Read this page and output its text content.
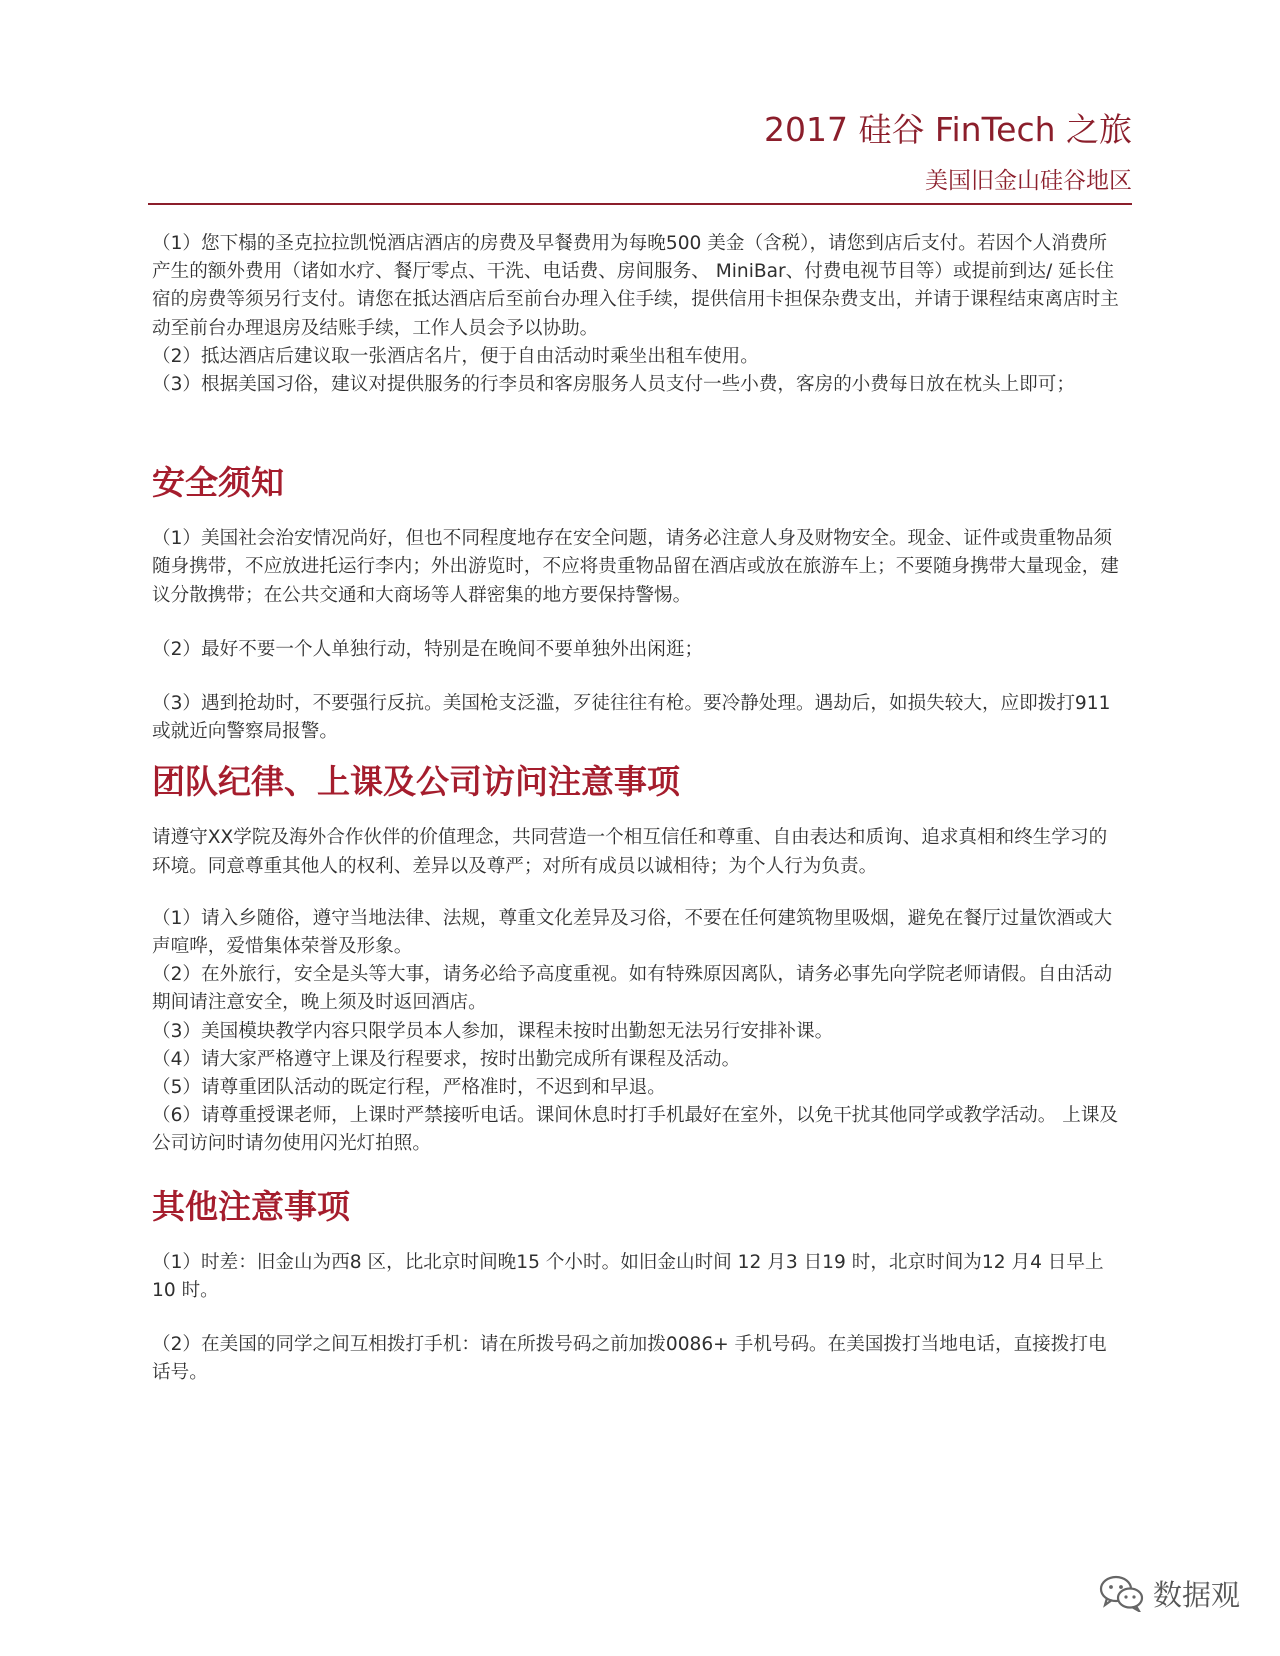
2017 硅谷 FinTech 之旅
美国旧金山硅谷地区

（1）您下榻的圣克拉拉凯悦酒店酒店的房费及早餐费用为每晚500 美金（含税），请您到店后支付。若因个人消费所产生的额外费用（诸如水疗、餐厅零点、干洗、电话费、房间服务、 MiniBar、付费电视节目等）或提前到达/ 延长住宿的房费等须另行支付。请您在抵达酒店后至前台办理入住手续，提供信用卡担保杂费支出，并请于课程结束离店时主动至前台办理退房及结账手续，工作人员会予以协助。

（2）抵达酒店后建议取一张酒店名片，便于自由活动时乘坐出租车使用。

（3）根据美国习俗，建议对提供服务的行李员和客房服务人员支付一些小费，客房的小费每日放在枕头上即可；

安全须知

（1）美国社会治安情况尚好，但也不同程度地存在安全问题，请务必注意人身及财物安全。现金、证件或贵重物品须随身携带，不应放进托运行李内；外出游览时，不应将贵重物品留在酒店或放在旅游车上；不要随身携带大量现金，建议分散携带；在公共交通和大商场等人群密集的地方要保持警惕。

（2）最好不要一个人单独行动，特别是在晚间不要单独外出闲逛；

（3）遇到抢劫时，不要强行反抗。美国枪支泛滥，歹徒往往有枪。要冷静处理。遇劫后，如损失较大，应即拨打911 或就近向警察局报警。

团队纪律、上课及公司访问注意事项

请遵守XX学院及海外合作伙伴的价值理念，共同营造一个相互信任和尊重、自由表达和质询、追求真相和终生学习的环境。同意尊重其他人的权利、差异以及尊严；对所有成员以诚相待；为个人行为负责。

（1）请入乡随俗，遵守当地法律、法规，尊重文化差异及习俗，不要在任何建筑物里吸烟，避免在餐厅过量饮酒或大声喧哗，爱惜集体荣誉及形象。

（2）在外旅行，安全是头等大事，请务必给予高度重视。如有特殊原因离队，请务必事先向学院老师请假。自由活动期间请注意安全，晚上须及时返回酒店。

（3）美国模块教学内容只限学员本人参加，课程未按时出勤恕无法另行安排补课。

（4）请大家严格遵守上课及行程要求，按时出勤完成所有课程及活动。

（5）请尊重团队活动的既定行程，严格准时，不迟到和早退。

（6）请尊重授课老师，上课时严禁接听电话。课间休息时打手机最好在室外，以免干扰其他同学或教学活动。 上课及公司访问时请勿使用闪光灯拍照。

其他注意事项

（1）时差：旧金山为西8 区，比北京时间晚15 个小时。如旧金山时间 12 月3 日19 时，北京时间为12 月4 日早上10 时。

（2）在美国的同学之间互相拨打手机：请在所拨号码之前加拨0086+ 手机号码。在美国拨打当地电话，直接拨打电话号。

数据观
